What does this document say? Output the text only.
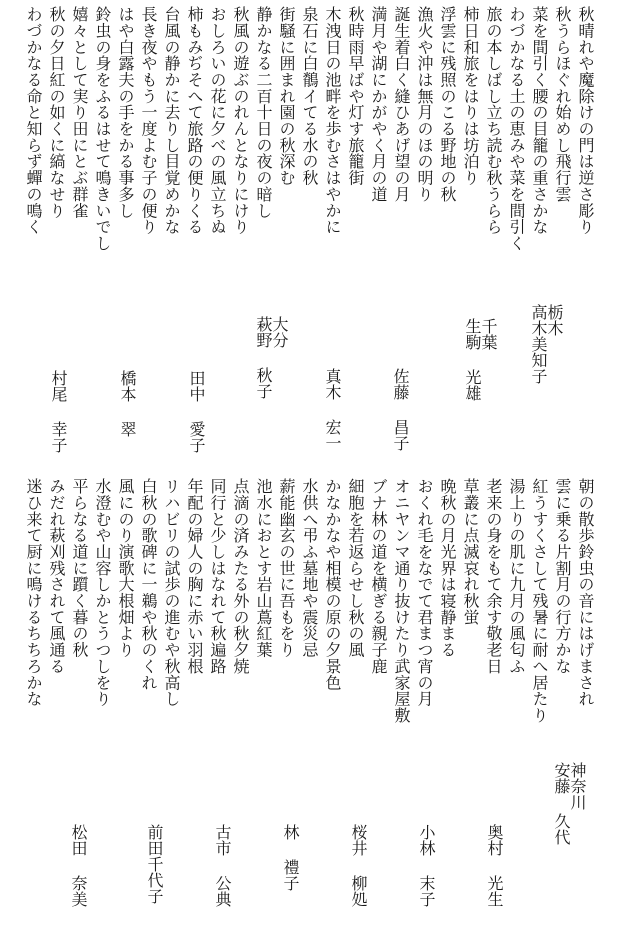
秋晴れや魔除けの門は逆さ彫り
秋うらほぐれ始めし飛行雲
菜を間引く腰の目籠の重さかな
わづかなる土の恵みや菜を間引く
旅の本しばし立ち読む秋うらら
柿日和旅をはりは坊泊り
浮雲に残照のこる野地の秋
漁火や沖は無月のほの明り
誕生着白く縫ひあげ望の月
満月や湖にかがやく月の道
秋時雨早ばや灯す旅籠街
木洩日の池畔を歩むさはやかに
泉石に白鶺イてる水の秋
街騒に囲まれ園の秋深む
静かなる二百十日の夜の暗し
秋風の遊ぶのれんとなりにけり
おしろいの花に夕べの風立ちぬ
柿もみぢそへて旅路の便りくる
台風の静かに去りし目覚めかな
長き夜やもう一度よむ子の便り
はや白露夫の手をかる事多し
鈴虫の身をふるはせて鳴きいでし
嬉々として実り田にとぶ群雀
秋の夕日紅の如くに縞なせり
わづかなる命と知らず蟬の鳴く
栃木
高木美知子
千葉
生駒 光雄
佐藤 昌子
真木 宏一
大分
萩野 秋子
田中 愛子
橋本 翠
村尾 幸子
朝の散歩鈴虫の音にはげまされ
雲に乗る片割月の行方かな
紅うすくさして残暑に耐へ居たり
湯上りの肌に九月の風匂ふ
老来の身をもて余す敬老日
草叢に点滅哀れ秋蛍
晩秋の月光界は寝静まる
おくれ毛をなでて君まつ宵の月
オニヤンマ通り抜けたり武家屋敷
ブナ林の道を横ぎる親子鹿
細胞を若返らせし秋の風
かなかなや相模の原の夕景色
水供へ弔ふ墓地や震災忌
薪能幽玄の世に吾もをり
池水におとす岩山蔦紅葉
点滴の済みたる外の秋夕焼
同行と少しはなれて秋遍路
年配の婦人の胸に赤い羽根
リハビリの試歩の進むや秋高し
白秋の歌碑に一鵜や秋のくれ
風にのり演歌大根畑より
水澄むや山容しかとうつしをり
平らなる道に躓く暮の秋
みだれ萩刈残されて風通る
迷ひ来て厨に鳴けるちちろかな
神奈川
安藤 久代
奥村 光生
小林 末子
桜井 柳処
林 禮子
古市 公典
前田千代子
松田 奈美
